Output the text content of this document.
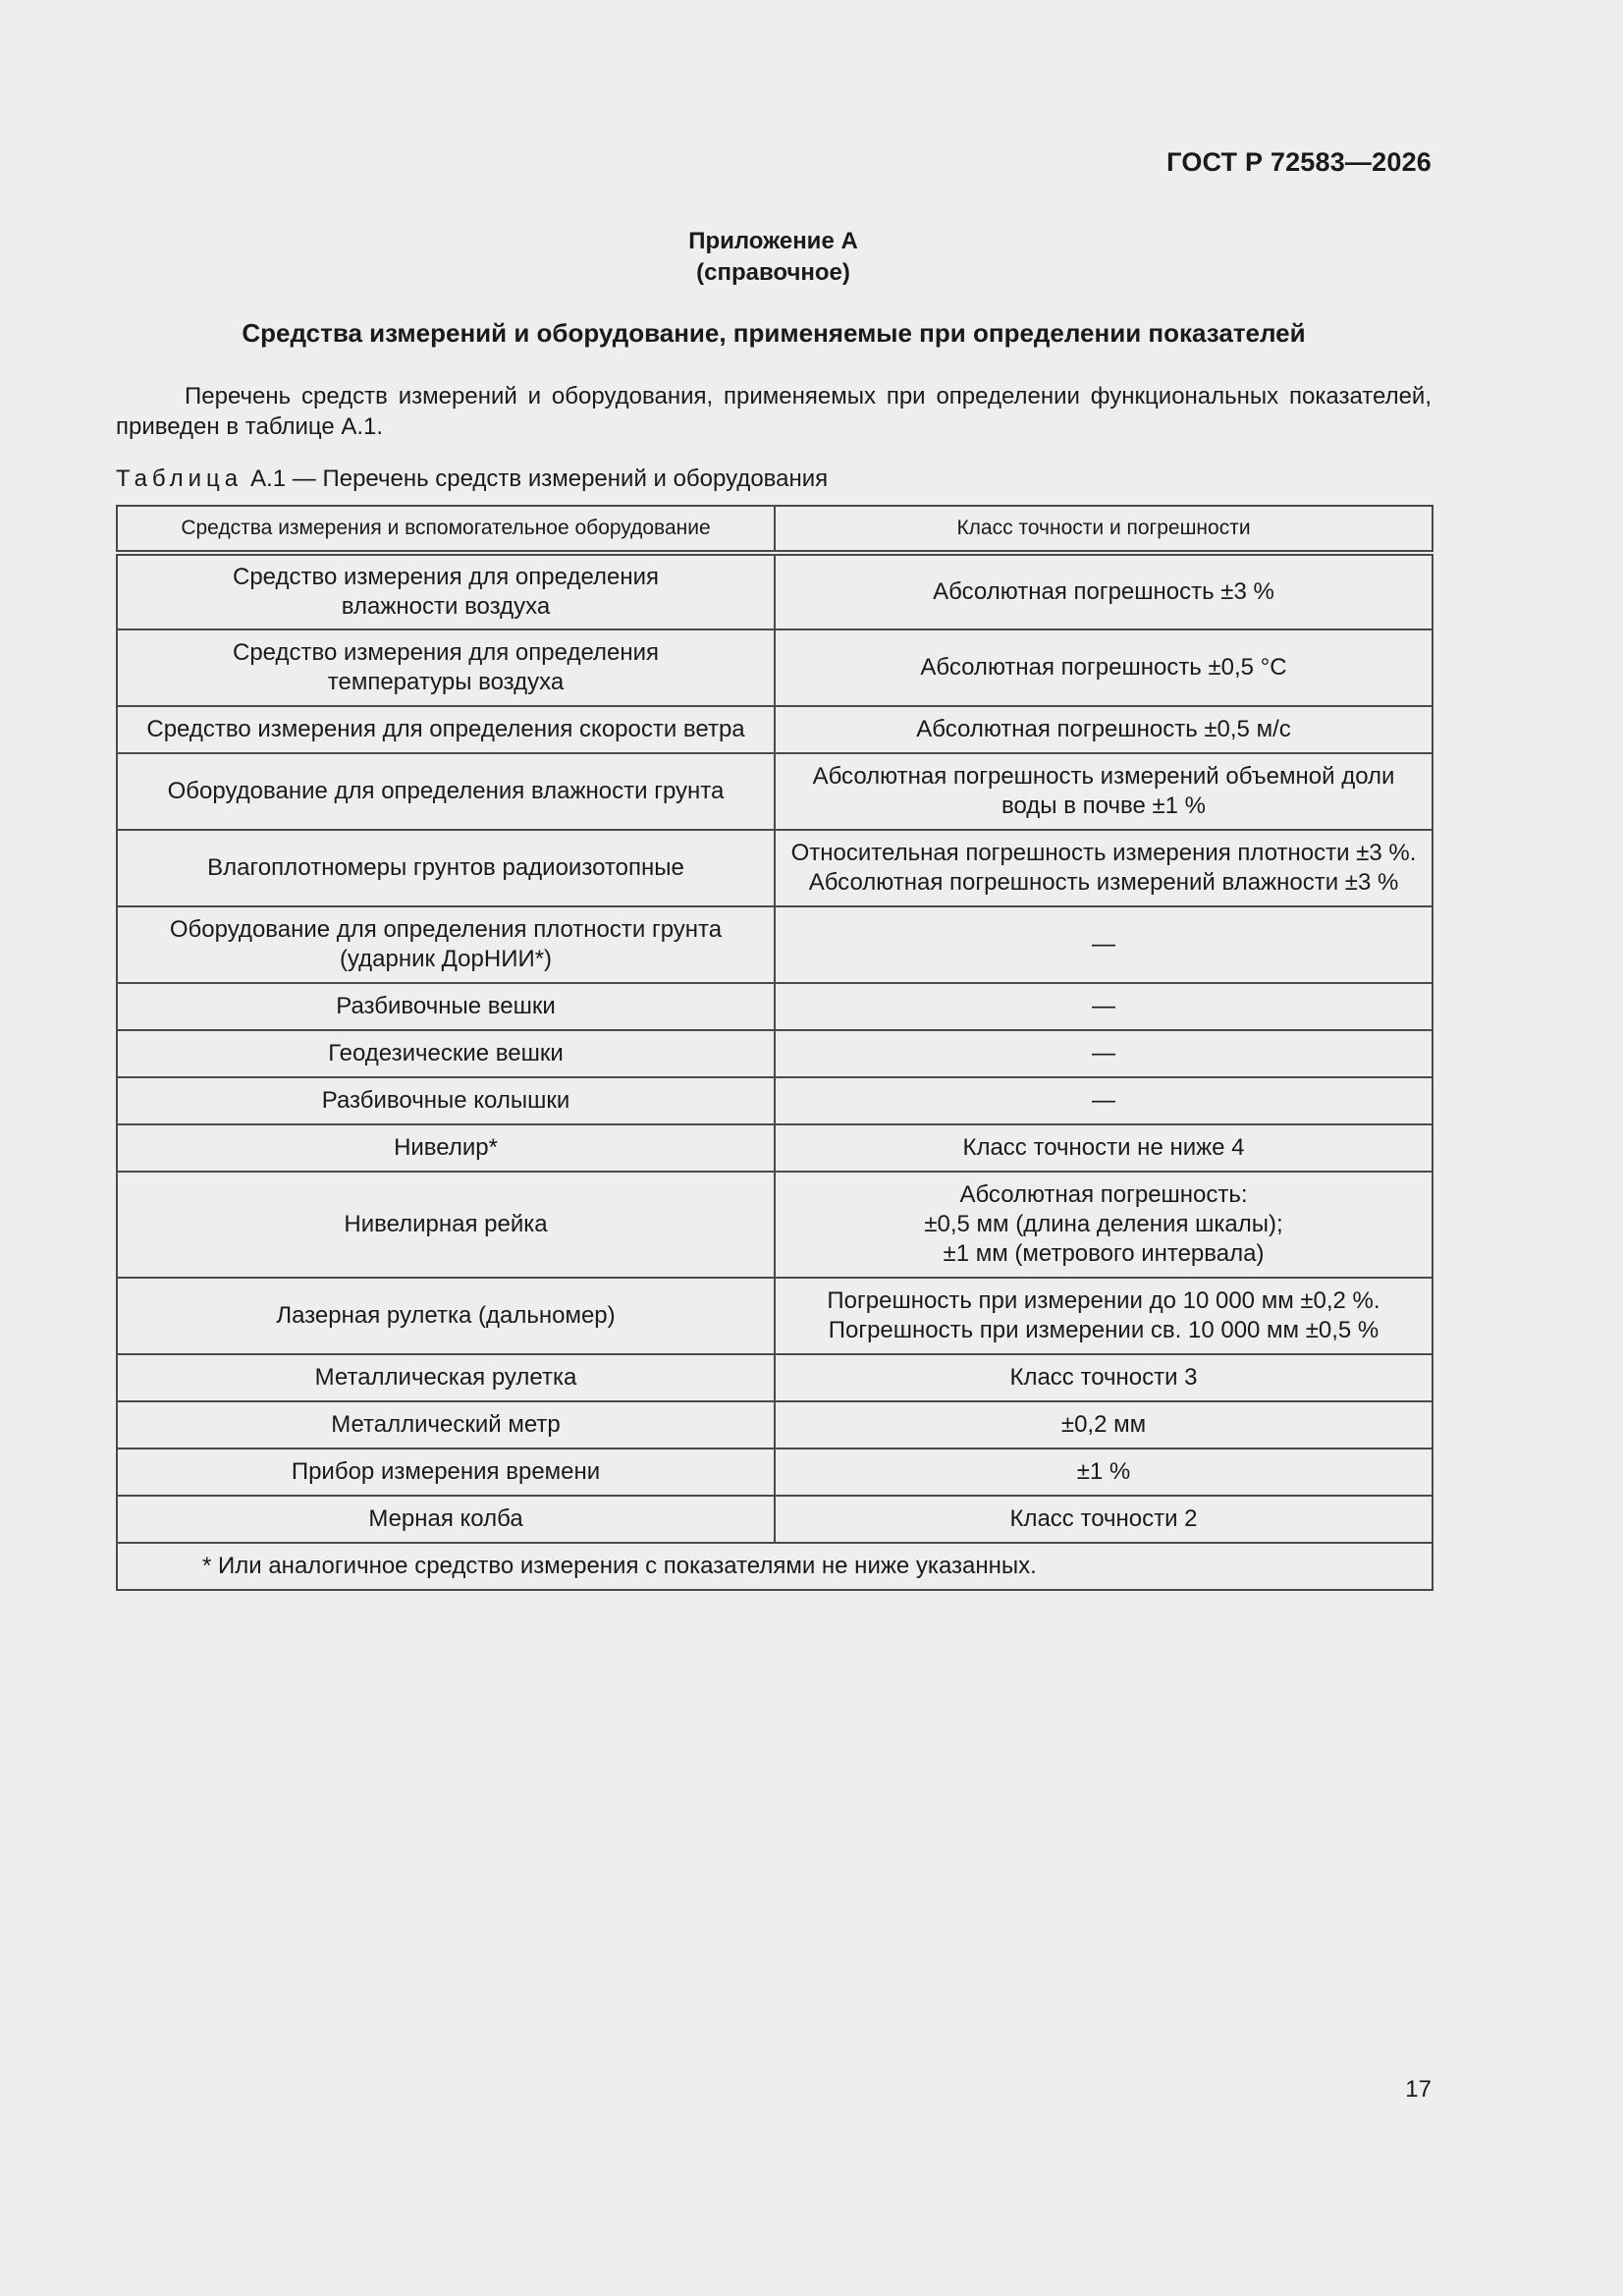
ГОСТ Р 72583—2026
Приложение А
(справочное)
Средства измерений и оборудование, применяемые при определении показателей

Перечень средств измерений и оборудования, применяемых при определении функциональных показателей, приведен в таблице А.1.

Таблица А.1 — Перечень средств измерений и оборудования
Средства измерения и вспомогательное оборудование	Класс точности и погрешности
Средство измерения для определения
влажности воздуха	Абсолютная погрешность ±3 %
Средство измерения для определения
температуры воздуха	Абсолютная погрешность ±0,5 °С
Средство измерения для определения скорости ветра	Абсолютная погрешность ±0,5 м/с
Оборудование для определения влажности грунта	Абсолютная погрешность измерений объемной доли
воды в почве ±1 %
Влагоплотномеры грунтов радиоизотопные	Относительная погрешность измерения плотности ±3 %.
Абсолютная погрешность измерений влажности ±3 %
Оборудование для определения плотности грунта
(ударник ДорНИИ*)	—
Разбивочные вешки	—
Геодезические вешки	—
Разбивочные колышки	—
Нивелир*	Класс точности не ниже 4
Нивелирная рейка	Абсолютная погрешность:
±0,5 мм (длина деления шкалы);
±1 мм (метрового интервала)
Лазерная рулетка (дальномер)	Погрешность при измерении до 10 000 мм ±0,2 %.
Погрешность при измерении св. 10 000 мм ±0,5 %
Металлическая рулетка	Класс точности 3
Металлический метр	±0,2 мм
Прибор измерения времени	±1 %
Мерная колба	Класс точности 2
* Или аналогичное средство измерения с показателями не ниже указанных.	
17
